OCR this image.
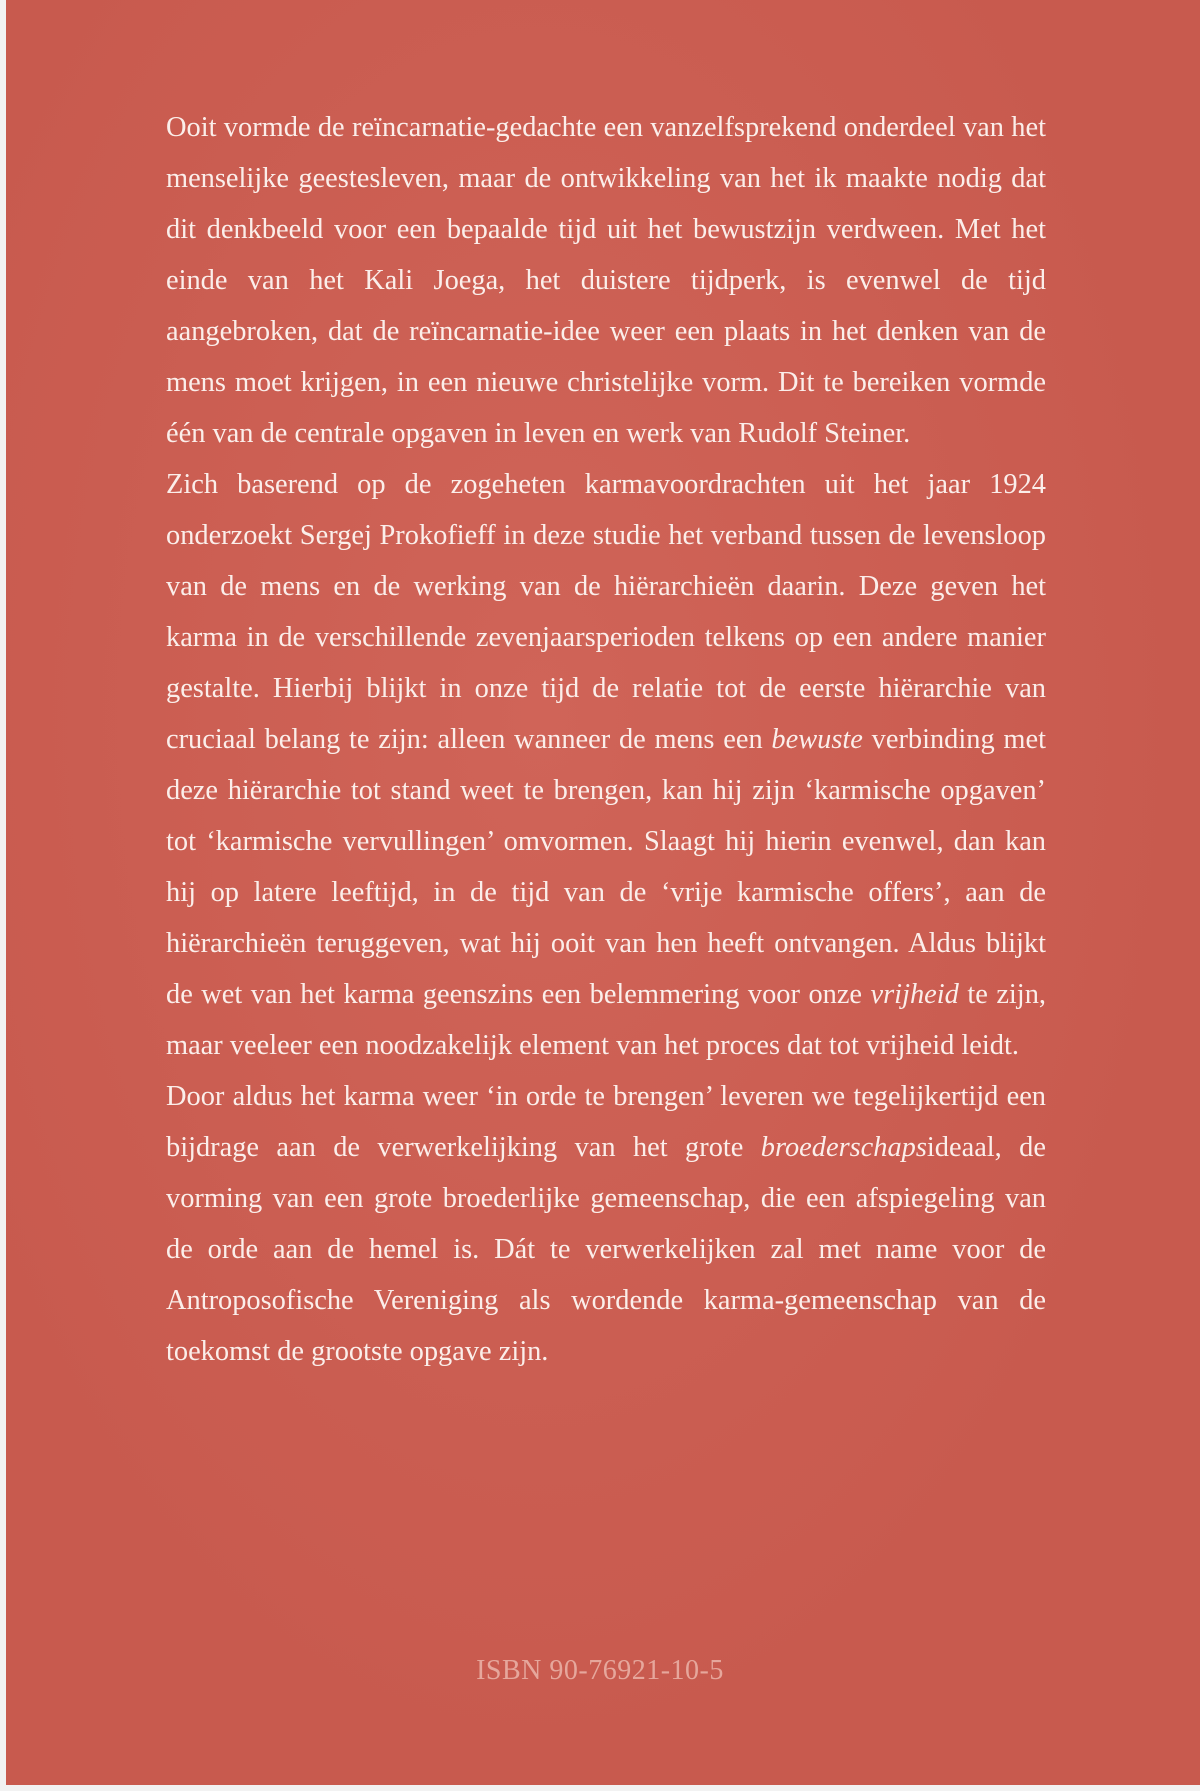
Ooit vormde de reïncarnatie-gedachte een vanzelfsprekend onderdeel van het menselijke geestesleven, maar de ontwikkeling van het ik maakte nodig dat dit denkbeeld voor een bepaalde tijd uit het bewustzijn verdween. Met het einde van het Kali Joega, het duistere tijdperk, is evenwel de tijd aangebroken, dat de reïncarnatie-idee weer een plaats in het denken van de mens moet krijgen, in een nieuwe christelijke vorm. Dit te bereiken vormde één van de centrale opgaven in leven en werk van Rudolf Steiner.

Zich baserend op de zogeheten karmavoordrachten uit het jaar 1924 onderzoekt Sergej Prokofieff in deze studie het verband tussen de levensloop van de mens en de werking van de hiërarchieën daarin. Deze geven het karma in de verschillende zevenjaarsperioden telkens op een andere manier gestalte. Hierbij blijkt in onze tijd de relatie tot de eerste hiërarchie van cruciaal belang te zijn: alleen wanneer de mens een bewuste verbinding met deze hiërarchie tot stand weet te brengen, kan hij zijn ‘karmische opgaven’ tot ‘karmische vervullingen’ omvormen. Slaagt hij hierin evenwel, dan kan hij op latere leeftijd, in de tijd van de ‘vrije karmische offers’, aan de hiërarchieën teruggeven, wat hij ooit van hen heeft ontvangen. Aldus blijkt de wet van het karma geenszins een belemmering voor onze vrijheid te zijn, maar veeleer een noodzakelijk element van het proces dat tot vrijheid leidt.

Door aldus het karma weer ‘in orde te brengen’ leveren we tegelijkertijd een bijdrage aan de verwerkelijking van het grote broederschapsideaal, de vorming van een grote broederlijke gemeenschap, die een afspiegeling van de orde aan de hemel is. Dát te verwerkelijken zal met name voor de Antroposofische Vereniging als wordende karma-gemeenschap van de toekomst de grootste opgave zijn.

ISBN 90-76921-10-5
